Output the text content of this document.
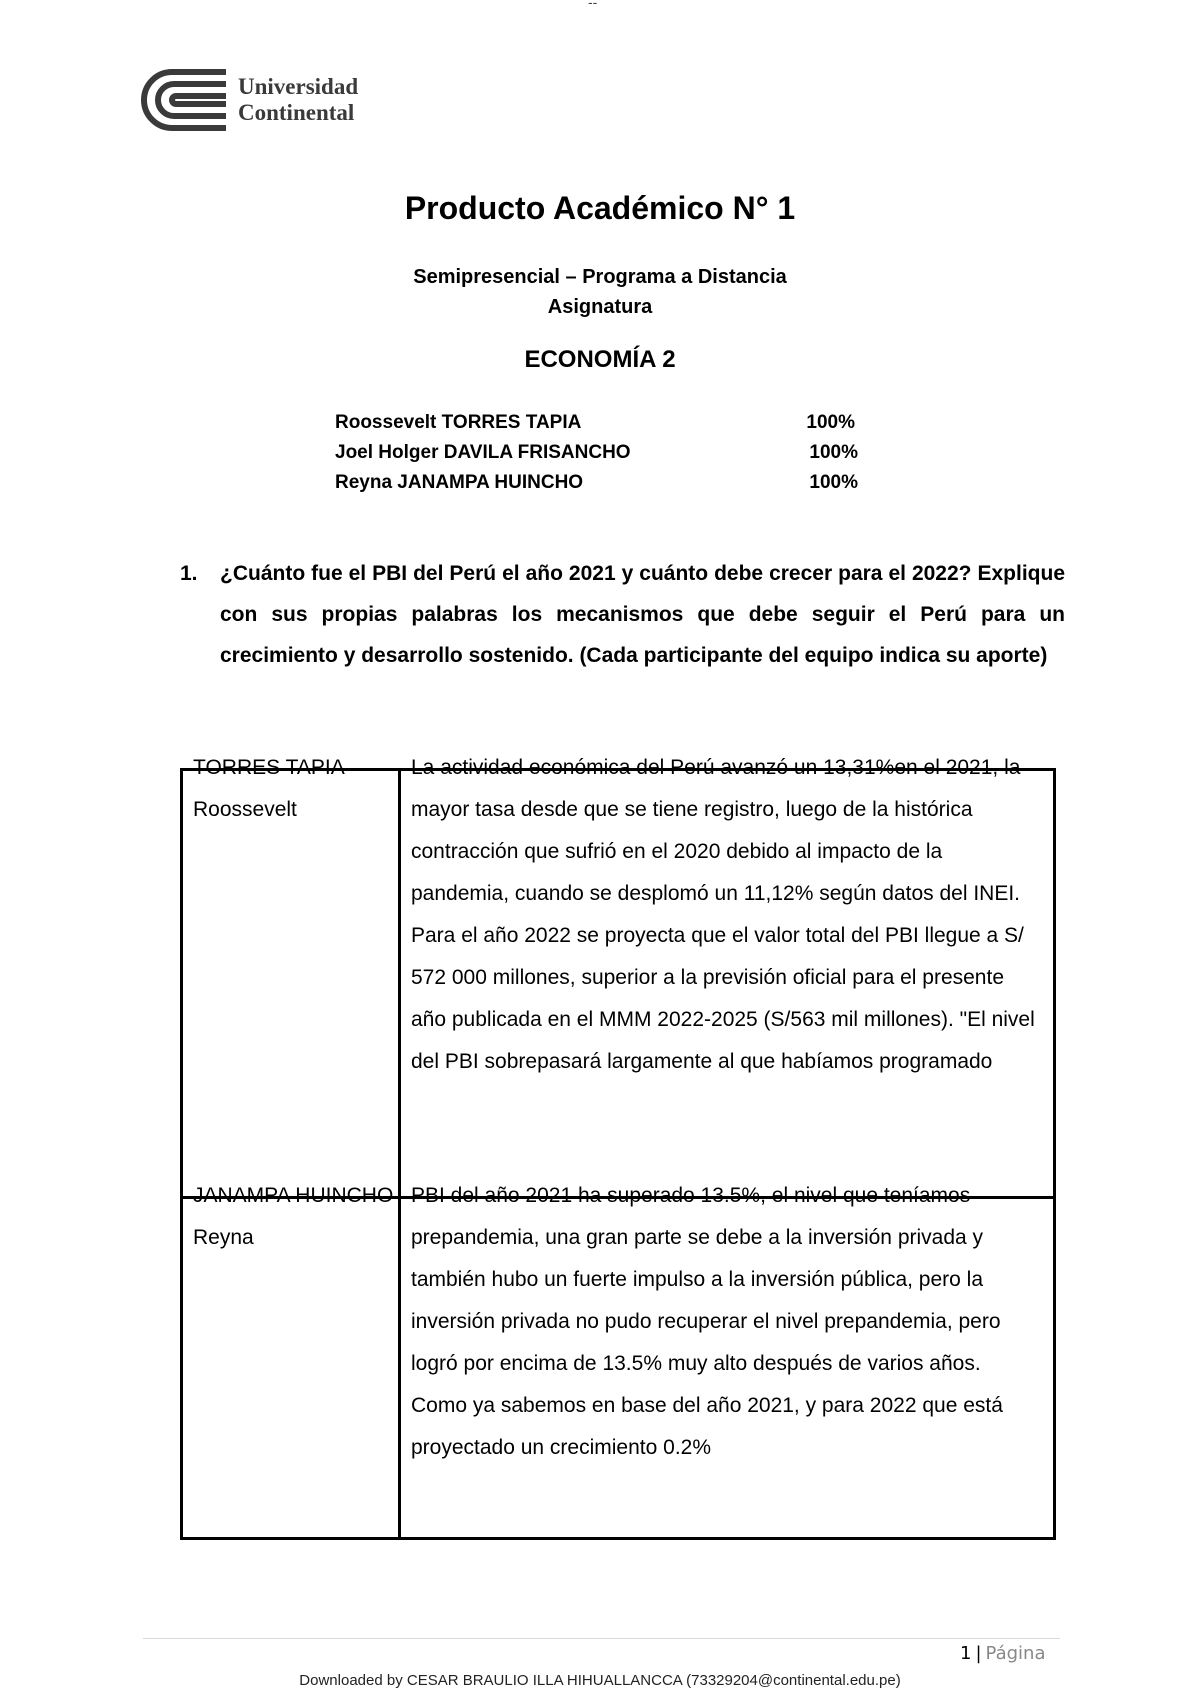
--
Universidad
Continental
Producto Académico N° 1
Semipresencial – Programa a Distancia
Asignatura
ECONOMÍA 2
Roossevelt TORRES TAPIA	100%
Joel Holger DAVILA FRISANCHO	100%
Reyna JANAMPA HUINCHO	100%
1.	¿Cuánto fue el PBI del Perú el año 2021 y cuánto debe crecer para el 2022? Explique con sus propias palabras los mecanismos que debe seguir el Perú para un crecimiento y desarrollo sostenido. (Cada participante del equipo indica su aporte)
TORRES TAPIA Roossevelt	La actividad económica del Perú avanzó un 13,31%en el 2021, la mayor tasa desde que se tiene registro, luego de la histórica contracción que sufrió en el 2020 debido al impacto de la pandemia, cuando se desplomó un 11,12% según datos del INEI. Para el año 2022 se proyecta que el valor total del PBI llegue a S/ 572 000 millones, superior a la previsión oficial para el presente año publicada en el MMM 2022-2025 (S/563 mil millones). "El nivel del PBI sobrepasará largamente al que habíamos programado

JANAMPA HUINCHO Reyna	PBI del año 2021 ha superado 13.5%, el nivel que teníamos prepandemia, una gran parte se debe a la inversión privada y también hubo un fuerte impulso a la inversión pública, pero la inversión privada no pudo recuperar el nivel prepandemia, pero logró por encima de 13.5% muy alto después de varios años. Como ya sabemos en base del año 2021, y para 2022 que está proyectado un crecimiento 0.2%
1 | Página
Downloaded by CESAR BRAULIO ILLA HIHUALLANCCA (73329204@continental.edu.pe)
